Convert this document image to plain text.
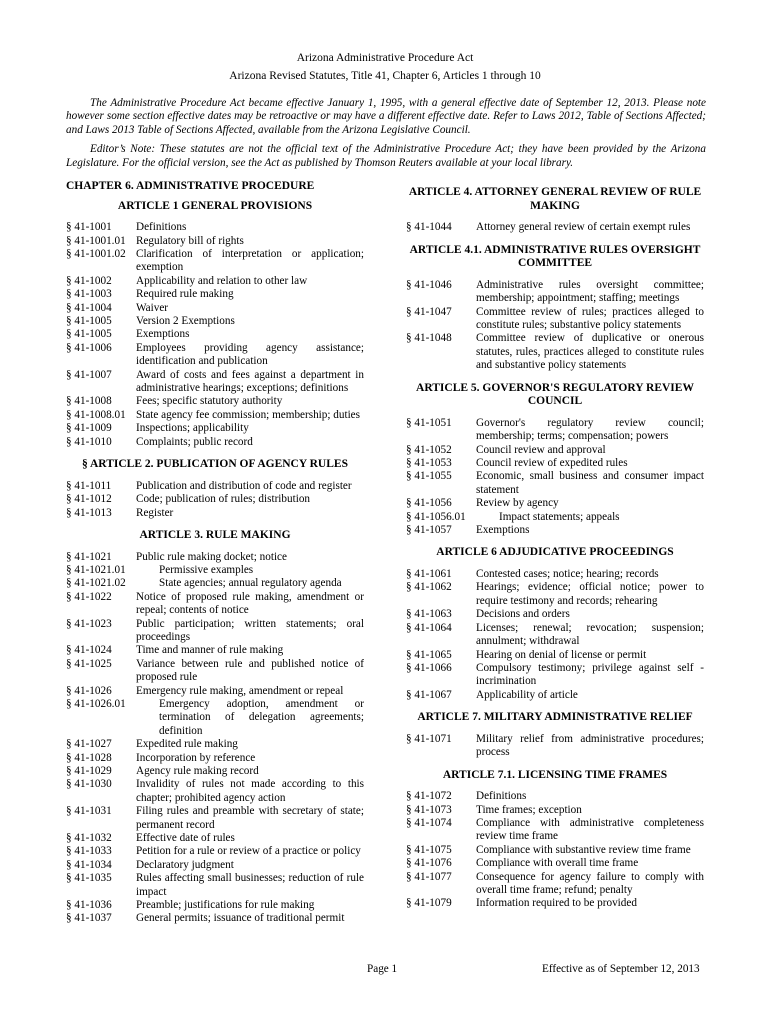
Arizona Administrative Procedure Act
Arizona Revised Statutes, Title 41, Chapter 6, Articles 1 through 10

The Administrative Procedure Act became effective January 1, 1995, with a general effective date of September 12, 2013. Please note however some section effective dates may be retroactive or may have a different effective date. Refer to Laws 2012, Table of Sections Affected; and Laws 2013 Table of Sections Affected, available from the Arizona Legislative Council.

Editor’s Note: These statutes are not the official text of the Administrative Procedure Act; they have been provided by the Arizona Legislature. For the official version, see the Act as published by Thomson Reuters available at your local library.

CHAPTER 6. ADMINISTRATIVE PROCEDURE
ARTICLE 1 GENERAL PROVISIONS
§ 41-1001	Definitions
§ 41-1001.01 Regulatory bill of rights
§ 41-1001.02 Clarification of interpretation or application; exemption
§ 41-1002	Applicability and relation to other law
§ 41-1003	Required rule making
§ 41-1004	Waiver
§ 41-1005	Version 2 Exemptions
§ 41-1005	Exemptions
§ 41-1006	Employees providing agency assistance; identification and publication
§ 41-1007	Award of costs and fees against a department in administrative hearings; exceptions; definitions
§ 41-1008	Fees; specific statutory authority
§ 41-1008.01 State agency fee commission; membership; duties
§ 41-1009	Inspections; applicability
§ 41-1010	Complaints; public record
§ ARTICLE 2. PUBLICATION OF AGENCY RULES
§ 41-1011	Publication and distribution of code and register
§ 41-1012	Code; publication of rules; distribution
§ 41-1013	Register
ARTICLE 3. RULE MAKING
§ 41-1021	Public rule making docket; notice
§ 41-1021.01	Permissive examples
§ 41-1021.02	State agencies; annual regulatory agenda
§ 41-1022	Notice of proposed rule making, amendment or repeal; contents of notice
§ 41-1023	Public participation; written statements; oral proceedings
§ 41-1024	Time and manner of rule making
§ 41-1025	Variance between rule and published notice of proposed rule
§ 41-1026	Emergency rule making, amendment or repeal
§ 41-1026.01	Emergency adoption, amendment or termination of delegation agreements; definition
§ 41-1027	Expedited rule making
§ 41-1028	Incorporation by reference
§ 41-1029	Agency rule making record
§ 41-1030	Invalidity of rules not made according to this chapter; prohibited agency action
§ 41-1031	Filing rules and preamble with secretary of state; permanent record
§ 41-1032	Effective date of rules
§ 41-1033	Petition for a rule or review of a practice or policy
§ 41-1034	Declaratory judgment
§ 41-1035	Rules affecting small businesses; reduction of rule impact
§ 41-1036	Preamble; justifications for rule making
§ 41-1037	General permits; issuance of traditional permit
ARTICLE 4. ATTORNEY GENERAL REVIEW OF RULE MAKING
§ 41-1044	Attorney general review of certain exempt rules
ARTICLE 4.1. ADMINISTRATIVE RULES OVERSIGHT COMMITTEE
§ 41-1046	Administrative rules oversight committee; membership; appointment; staffing; meetings
§ 41-1047	Committee review of rules; practices alleged to constitute rules; substantive policy statements
§ 41-1048	Committee review of duplicative or onerous statutes, rules, practices alleged to constitute rules and substantive policy statements
ARTICLE 5. GOVERNOR'S REGULATORY REVIEW COUNCIL
§ 41-1051	Governor's regulatory review council; membership; terms; compensation; powers
§ 41-1052	Council review and approval
§ 41-1053	Council review of expedited rules
§ 41-1055	Economic, small business and consumer impact statement
§ 41-1056	Review by agency
§ 41-1056.01	Impact statements; appeals
§ 41-1057	Exemptions
ARTICLE 6 ADJUDICATIVE PROCEEDINGS
§ 41-1061	Contested cases; notice; hearing; records
§ 41-1062	Hearings; evidence; official notice; power to require testimony and records; rehearing
§ 41-1063	Decisions and orders
§ 41-1064	Licenses; renewal; revocation; suspension; annulment; withdrawal
§ 41-1065	Hearing on denial of license or permit
§ 41-1066	Compulsory testimony; privilege against self - incrimination
§ 41-1067	Applicability of article
ARTICLE 7. MILITARY ADMINISTRATIVE RELIEF
§ 41-1071	Military relief from administrative procedures; process
ARTICLE 7.1. LICENSING TIME FRAMES
§ 41-1072	Definitions
§ 41-1073	Time frames; exception
§ 41-1074	Compliance with administrative completeness review time frame
§ 41-1075	Compliance with substantive review time frame
§ 41-1076	Compliance with overall time frame
§ 41-1077	Consequence for agency failure to comply with overall time frame; refund; penalty
§ 41-1079	Information required to be provided
Page 1	Effective as of September 12, 2013
